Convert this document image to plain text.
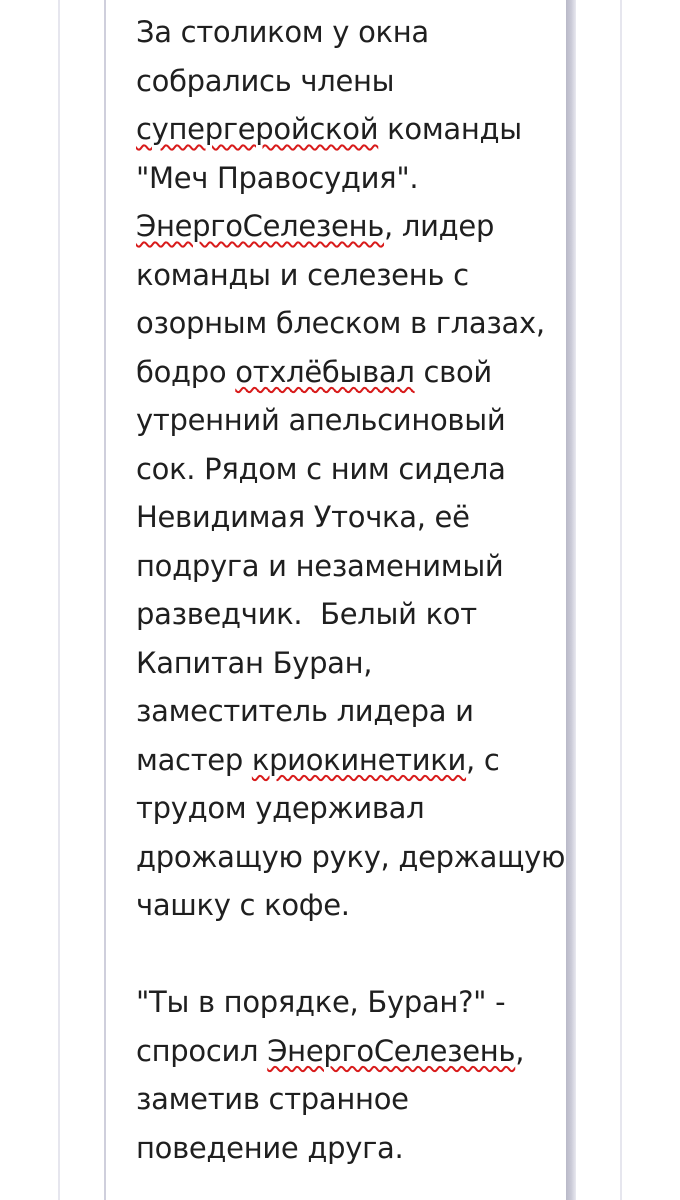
За столиком у окна
собрались члены
супергеройской команды
"Меч Правосудия".
ЭнергоСелезень, лидер
команды и селезень с
озорным блеском в глазах,
бодро отхлёбывал свой
утренний апельсиновый
сок. Рядом с ним сидела
Невидимая Уточка, её
подруга и незаменимый
разведчик.  Белый кот
Капитан Буран,
заместитель лидера и
мастер криокинетики, с
трудом удерживал
дрожащую руку, держащую
чашку с кофе.

"Ты в порядке, Буран?" -
спросил ЭнергоСелезень,
заметив странное
поведение друга.
